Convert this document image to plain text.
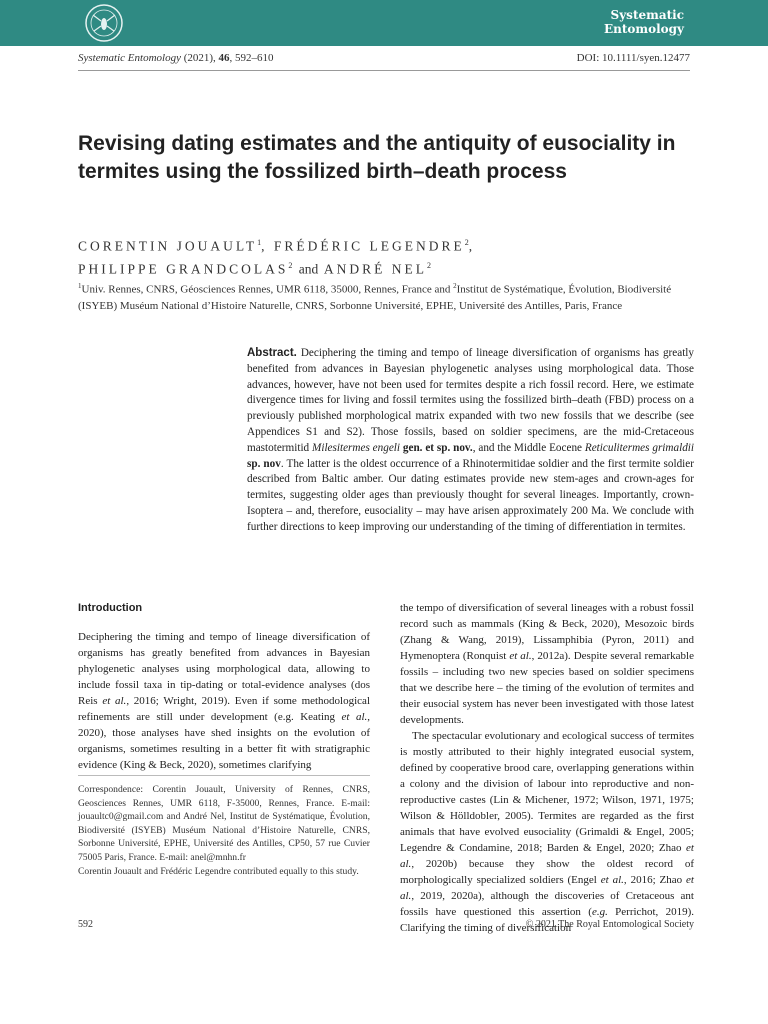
Systematic
Entomology
Systematic Entomology (2021), 46, 592–610	DOI: 10.1111/syen.12477
Revising dating estimates and the antiquity of eusociality in termites using the fossilized birth–death process
CORENTIN JOUAULT$^1$, FRÉDÉRIC LEGENDRE$^2$,
PHILIPPE GRANDCOLAS$^2$ and ANDRÉ NEL$^2$
$^1$Univ. Rennes, CNRS, Géosciences Rennes, UMR 6118, 35000, Rennes, France and $^2$Institut de Systématique, Évolution, Biodiversité (ISYEB) Muséum National d’Histoire Naturelle, CNRS, Sorbonne Université, EPHE, Université des Antilles, Paris, France
Abstract. Deciphering the timing and tempo of lineage diversification of organisms has greatly benefited from advances in Bayesian phylogenetic analyses using morphological data. Those advances, however, have not been used for termites despite a rich fossil record. Here, we estimate divergence times for living and fossil termites using the fossilized birth–death (FBD) process on a previously published morphological matrix expanded with two new fossils that we describe (see Appendices S1 and S2). Those fossils, based on soldier specimens, are the mid-Cretaceous mastotermitid Milesitermes engeli gen. et sp. nov., and the Middle Eocene Reticulitermes grimaldii sp. nov. The latter is the oldest occurrence of a Rhinotermitidae soldier and the first termite soldier described from Baltic amber. Our dating estimates provide new stem-ages and crown-ages for termites, suggesting older ages than previously thought for several lineages. Importantly, crown-Isoptera – and, therefore, eusociality – may have arisen approximately 200 Ma. We conclude with further directions to keep improving our understanding of the timing of differentiation in termites.
Introduction

Deciphering the timing and tempo of lineage diversification of organisms has greatly benefited from advances in Bayesian phylogenetic analyses using morphological data, allowing to include fossil taxa in tip-dating or total-evidence analyses (dos Reis et al., 2016; Wright, 2019). Even if some methodological refinements are still under development (e.g. Keating et al., 2020), those analyses have shed insights on the evolution of organisms, sometimes resulting in a better fit with stratigraphic evidence (King & Beck, 2020), sometimes clarifying

Correspondence: Corentin Jouault, University of Rennes, CNRS, Geosciences Rennes, UMR 6118, F-35000, Rennes, France. E-mail: jouaultc0@gmail.com and André Nel, Institut de Systématique, Évolution, Biodiversité (ISYEB) Muséum National d’Histoire Naturelle, CNRS, Sorbonne Université, EPHE, Université des Antilles, CP50, 57 rue Cuvier 75005 Paris, France. E-mail: anel@mnhn.fr
Corentin Jouault and Frédéric Legendre contributed equally to this study.

the tempo of diversification of several lineages with a robust fossil record such as mammals (King & Beck, 2020), Mesozoic birds (Zhang & Wang, 2019), Lissamphibia (Pyron, 2011) and Hymenoptera (Ronquist et al., 2012a). Despite several remarkable fossils – including two new species based on soldier specimens that we describe here – the timing of the evolution of termites and their eusocial system has never been investigated with those latest developments.

The spectacular evolutionary and ecological success of termites is mostly attributed to their highly integrated eusocial system, defined by cooperative brood care, overlapping generations within a colony and the division of labour into reproductive and non-reproductive castes (Lin & Michener, 1972; Wilson, 1971, 1975; Wilson & Hölldobler, 2005). Termites are regarded as the first animals that have evolved eusociality (Grimaldi & Engel, 2005; Legendre & Condamine, 2018; Barden & Engel, 2020; Zhao et al., 2020b) because they show the oldest record of morphologically specialized soldiers (Engel et al., 2016; Zhao et al., 2019, 2020a), although the discoveries of Cretaceous ant fossils have questioned this assertion (e.g. Perrichot, 2019). Clarifying the timing of diversification

592	© 2021 The Royal Entomological Society
